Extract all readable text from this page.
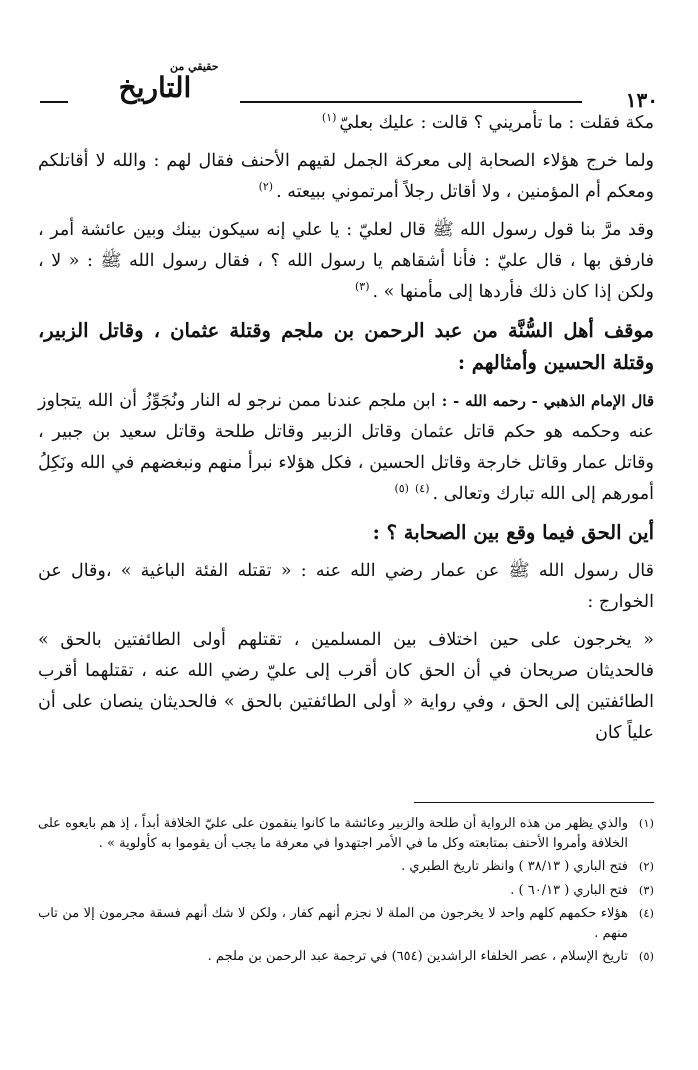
حقيقي من
التاريخ	١٣٠

مكة فقلت : ما تأمريني ؟ قالت : عليك بعليّ$^{(١)}$

ولما خرج هؤلاء الصحابة إلى معركة الجمل لقيهم الأحنف فقال لهم : والله لا أقاتلكم ومعكم أم المؤمنين ، ولا أقاتل رجلاً أمرتموني ببيعته .$^{(٢)}$

وقد مرَّ بنا قول رسول الله ﷺ قال لعليّ : يا علي إنه سيكون بينك وبين عائشة أمر ، فارفق بها ، قال عليّ : فأنا أشقاهم يا رسول الله ؟ ، فقال رسول الله ﷺ : « لا ، ولكن إذا كان ذلك فأردها إلى مأمنها » .$^{(٣)}$

موقف أهل السُّنَّة من عبد الرحمن بن ملجم وقتلة عثمان ، وقاتل الزبير، وقتلة الحسين وأمثالهم :

قال الإمام الذهبي - رحمه الله - : ابن ملجم عندنا ممن نرجو له النار ونُجَوِّزُ أن الله يتجاوز عنه وحكمه هو حكم قاتل عثمان وقاتل الزبير وقاتل طلحة وقاتل سعيد بن جبير ، وقاتل عمار وقاتل خارجة وقاتل الحسين ، فكل هؤلاء نبرأ منهم ونبغضهم في الله ونَكِلُ أمورهم إلى الله تبارك وتعالى .$^{(٤)(٥)}$

أين الحق فيما وقع بين الصحابة ؟ :

قال رسول الله ﷺ عن عمار رضي الله عنه : « تقتله الفئة الباغية » ،وقال عن الخوارج :

« يخرجون على حين اختلاف بين المسلمين ، تقتلهم أولى الطائفتين بالحق » فالحديثان صريحان في أن الحق كان أقرب إلى عليّ رضي الله عنه ، تقتلهما أقرب الطائفتين إلى الحق ، وفي رواية « أولى الطائفتين بالحق » فالحديثان ينصان على أن علياً كان

(١)
والذي يظهر من هذه الرواية أن طلحة والزبير وعائشة ما كانوا ينقمون على عليّ الخلافة أبداً ، إذ هم بايعوه على الخلافة وأمروا الأحنف بمتابعته وكل ما في الأمر اجتهدوا في معرفة ما يجب أن يقوموا به كأولوية » .
(٢)
فتح الباري ( ٣٨/١٣ ) وانظر تاريخ الطبري .
(٣)
فتح الباري ( ٦٠/١٣ ) .
(٤)
هؤلاء حكمهم كلهم واحد لا يخرجون من الملة لا نجزم أنهم كفار ، ولكن لا شك أنهم فسقة مجرمون إلا من تاب منهم .
(٥)
تاريخ الإسلام ، عصر الخلفاء الراشدين (٦٥٤) في ترجمة عبد الرحمن بن ملجم .
